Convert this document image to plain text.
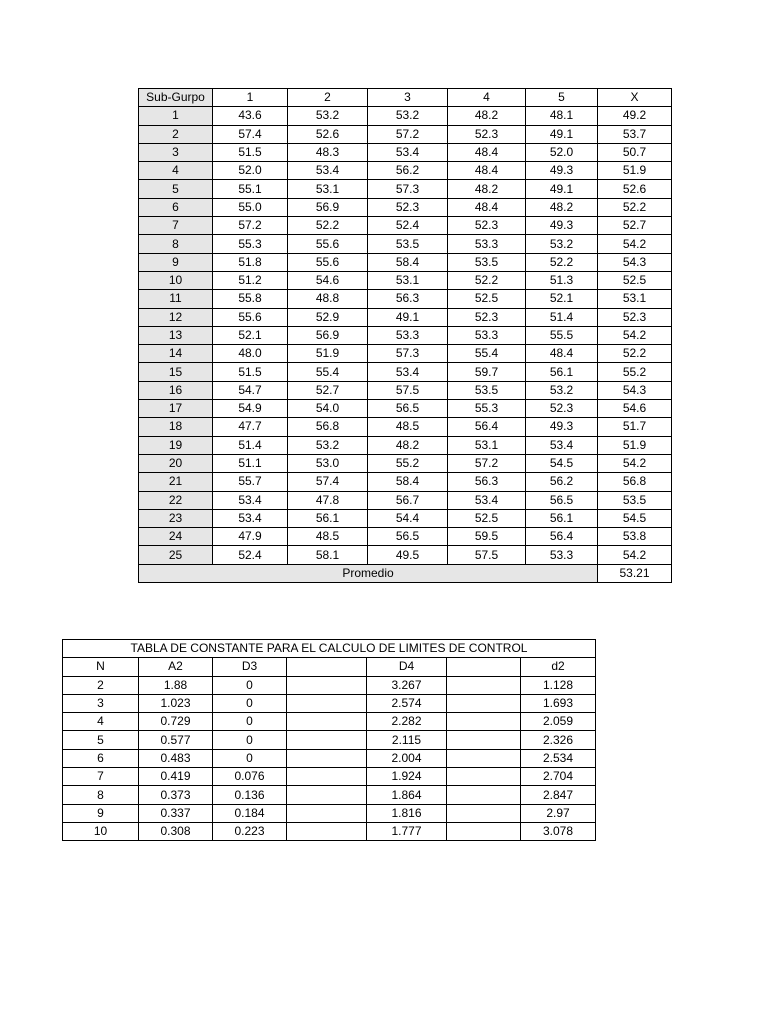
Sub-Gurpo	1	2	3	4	5	X
1	43.6	53.2	53.2	48.2	48.1	49.2
2	57.4	52.6	57.2	52.3	49.1	53.7
3	51.5	48.3	53.4	48.4	52.0	50.7
4	52.0	53.4	56.2	48.4	49.3	51.9
5	55.1	53.1	57.3	48.2	49.1	52.6
6	55.0	56.9	52.3	48.4	48.2	52.2
7	57.2	52.2	52.4	52.3	49.3	52.7
8	55.3	55.6	53.5	53.3	53.2	54.2
9	51.8	55.6	58.4	53.5	52.2	54.3
10	51.2	54.6	53.1	52.2	51.3	52.5
11	55.8	48.8	56.3	52.5	52.1	53.1
12	55.6	52.9	49.1	52.3	51.4	52.3
13	52.1	56.9	53.3	53.3	55.5	54.2
14	48.0	51.9	57.3	55.4	48.4	52.2
15	51.5	55.4	53.4	59.7	56.1	55.2
16	54.7	52.7	57.5	53.5	53.2	54.3
17	54.9	54.0	56.5	55.3	52.3	54.6
18	47.7	56.8	48.5	56.4	49.3	51.7
19	51.4	53.2	48.2	53.1	53.4	51.9
20	51.1	53.0	55.2	57.2	54.5	54.2
21	55.7	57.4	58.4	56.3	56.2	56.8
22	53.4	47.8	56.7	53.4	56.5	53.5
23	53.4	56.1	54.4	52.5	56.1	54.5
24	47.9	48.5	56.5	59.5	56.4	53.8
25	52.4	58.1	49.5	57.5	53.3	54.2
Promedio						53.21
TABLA DE CONSTANTE PARA EL CALCULO DE LIMITES DE CONTROL						
N	A2	D3		D4		d2
2	1.88	0		3.267		1.128
3	1.023	0		2.574		1.693
4	0.729	0		2.282		2.059
5	0.577	0		2.115		2.326
6	0.483	0		2.004		2.534
7	0.419	0.076		1.924		2.704
8	0.373	0.136		1.864		2.847
9	0.337	0.184		1.816		2.97
10	0.308	0.223		1.777		3.078
